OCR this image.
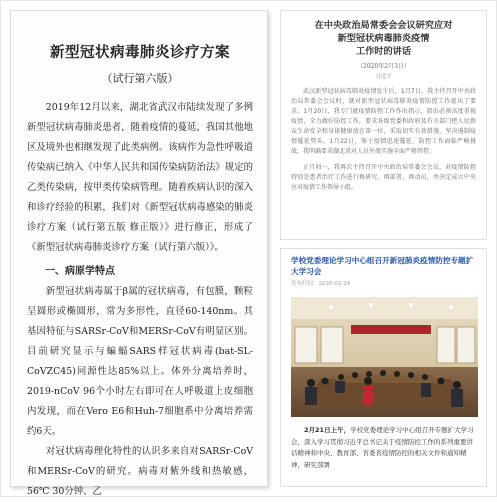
新型冠状病毒肺炎诊疗方案
（试行第六版）

2019年12月以来，湖北省武汉市陆续发现了多例新型冠状病毒肺炎患者，随着疫情的蔓延，我国其他地区及境外也相继发现了此类病例。该病作为急性呼吸道传染病已纳入《中华人民共和国传染病防治法》规定的乙类传染病，按甲类传染病管理。随着疾病认识的深入和诊疗经验的积累，我们对《新型冠状病毒感染的肺炎诊疗方案（试行第五版 修正版）》进行修正，形成了《新型冠状病毒肺炎诊疗方案（试行第六版）》。

一、病原学特点

新型冠状病毒属于β属的冠状病毒，有包膜，颗粒呈圆形或椭圆形，常为多形性，直径60-140nm。其基因特征与SARSr-CoV和MERSr-CoV有明显区别。目前研究显示与蝙蝠SARS样冠状病毒(bat-SL-CoVZC45)同源性达85%以上。体外分离培养时，2019-nCoV 96个小时左右即可在人呼吸道上皮细胞内发现，而在Vero E6和Huh-7细胞系中分离培养需约6天。

对冠状病毒理化特性的认识多来自对SARSr-CoV和MERSr-CoV的研究。病毒对紫外线和热敏感，56℃ 30分钟、乙

在中央政治局常委会会议研究应对
新型冠状病毒肺炎疫情
工作时的讲话
（2020年2月3日）
习近平

武汉新型冠状病毒肺炎疫情发生后，1月7日，我主持召开中央政治局常委会会议时，就对新型冠状病毒肺炎疫情防控工作提出了要求。1月20日，我专门就疫情防控工作作出指示，指出必须高度重视疫情，全力做好防控工作，要求各级党委和政府及有关部门把人民群众生命安全和身体健康放在第一位，采取切实有效措施，坚决遏制疫情蔓延势头。1月22日，鉴于疫情迅速蔓延、防控工作面临严峻挑战，我明确要求湖北省对人员外流实施全面严格管控。

正月初一，我再次主持召开中央政治局常委会会议，对疫情防控特别是患者治疗工作进行再研究、再部署、再动员，并决定成立中央应对疫情工作领导小组。

学校党委理论学习中心组召开新冠肺炎疫情防控专题扩大学习会
发布时间：2020-02-24
2月21日上午，学校党委理论学习中心组召开专题扩大学习会，深入学习贯彻习近平总书记关于疫情防控工作的系列重要讲话精神和中央、教育部、省委省疫情防控的相关文件和通知精神，研究部署
